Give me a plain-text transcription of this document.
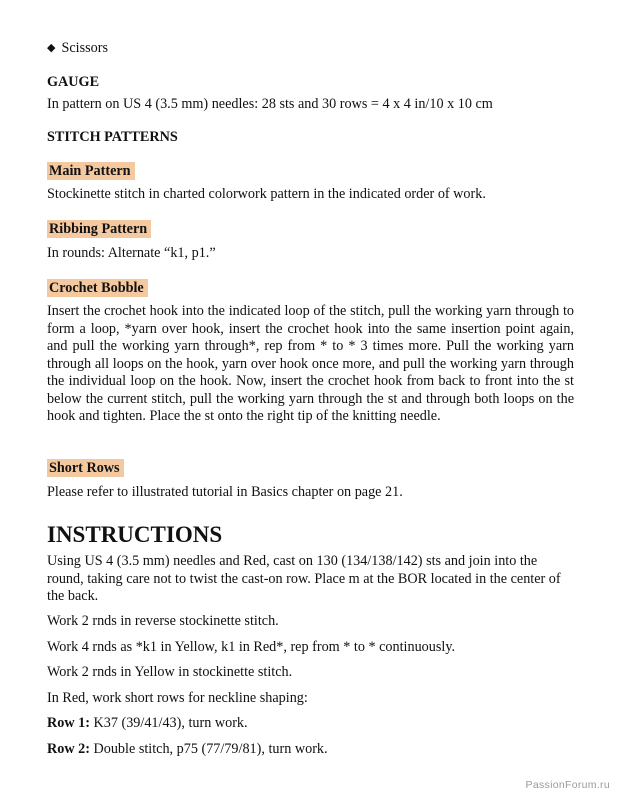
◆ Scissors

GAUGE

In pattern on US 4 (3.5 mm) needles: 28 sts and 30 rows = 4 x 4 in/10 x 10 cm

STITCH PATTERNS

Main Pattern

Stockinette stitch in charted colorwork pattern in the indicated order of work.

Ribbing Pattern

In rounds: Alternate “k1, p1.”

Crochet Bobble

Insert the crochet hook into the indicated loop of the stitch, pull the working yarn through to form a loop, *yarn over hook, insert the crochet hook into the same insertion point again, and pull the working yarn through*, rep from * to * 3 times more. Pull the working yarn through all loops on the hook, yarn over hook once more, and pull the working yarn through the individual loop on the hook. Now, insert the crochet hook from back to front into the st below the current stitch, pull the working yarn through the st and through both loops on the hook and tighten. Place the st onto the right tip of the knitting needle.

Short Rows

Please refer to illustrated tutorial in Basics chapter on page 21.

INSTRUCTIONS

Using US 4 (3.5 mm) needles and Red, cast on 130 (134/138/142) sts and join into the round, taking care not to twist the cast-on row. Place m at the BOR located in the center of the back.

Work 2 rnds in reverse stockinette stitch.

Work 4 rnds as *k1 in Yellow, k1 in Red*, rep from * to * continuously.

Work 2 rnds in Yellow in stockinette stitch.

In Red, work short rows for neckline shaping:

Row 1: K37 (39/41/43), turn work.

Row 2: Double stitch, p75 (77/79/81), turn work.

PassionForum.ru
